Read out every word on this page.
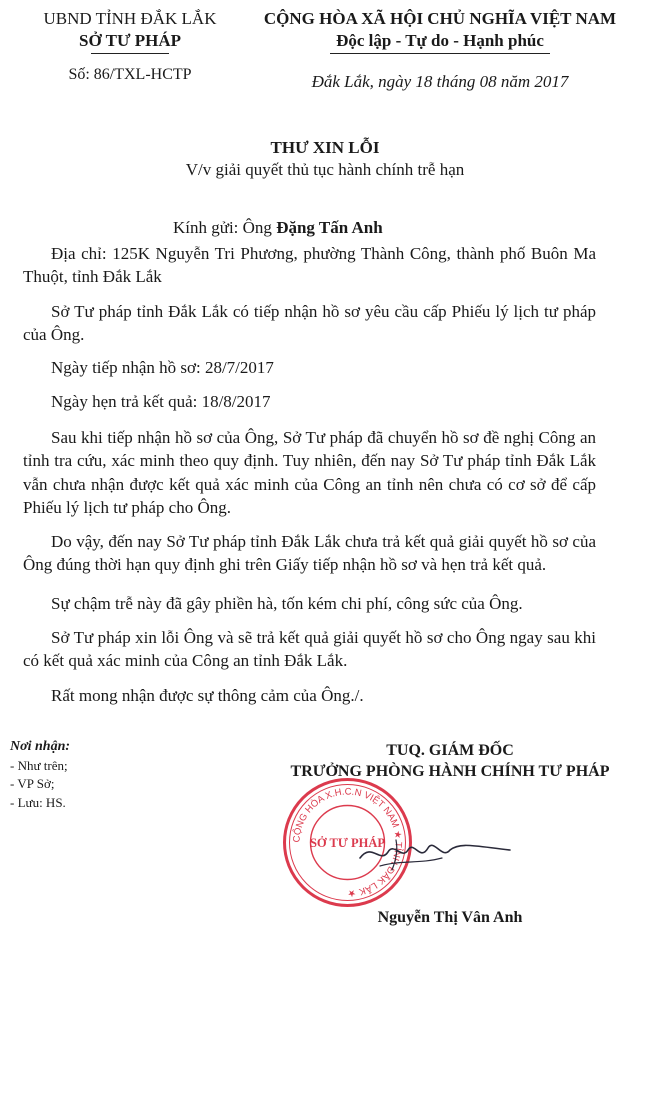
UBND TỈNH ĐẮK LẮK
SỞ TƯ PHÁP
Số: 86/TXL-HCTP
CỘNG HÒA XÃ HỘI CHỦ NGHĨA VIỆT NAM
Độc lập - Tự do - Hạnh phúc
Đắk Lắk, ngày 18 tháng 08 năm 2017
THƯ XIN LỖI
V/v giải quyết thủ tục hành chính trễ hạn
Kính gửi: Ông Đặng Tấn Anh
Địa chỉ: 125K Nguyễn Tri Phương, phường Thành Công, thành phố Buôn Ma Thuột, tỉnh Đắk Lắk
Sở Tư pháp tỉnh Đắk Lắk có tiếp nhận hồ sơ yêu cầu cấp Phiếu lý lịch tư pháp của Ông.
Ngày tiếp nhận hồ sơ: 28/7/2017
Ngày hẹn trả kết quả: 18/8/2017
Sau khi tiếp nhận hồ sơ của Ông, Sở Tư pháp đã chuyển hồ sơ đề nghị Công an tỉnh tra cứu, xác minh theo quy định. Tuy nhiên, đến nay Sở Tư pháp tỉnh Đắk Lắk vẫn chưa nhận được kết quả xác minh của Công an tỉnh nên chưa có cơ sở để cấp Phiếu lý lịch tư pháp cho Ông.
Do vậy, đến nay Sở Tư pháp tỉnh Đắk Lắk chưa trả kết quả giải quyết hồ sơ của Ông đúng thời hạn quy định ghi trên Giấy tiếp nhận hồ sơ và hẹn trả kết quả.
Sự chậm trễ này đã gây phiền hà, tốn kém chi phí, công sức của Ông.
Sở Tư pháp xin lỗi Ông và sẽ trả kết quả giải quyết hồ sơ cho Ông ngay sau khi có kết quả xác minh của Công an tỉnh Đắk Lắk.
Rất mong nhận được sự thông cảm của Ông./.
Nơi nhận:
- Như trên;
- VP Sở;
- Lưu: HS.
TUQ. GIÁM ĐỐC
TRƯỞNG PHÒNG HÀNH CHÍNH TƯ PHÁP
CỘNG HÒA X.H.C.N VIỆT NAM ★ TỈNH ĐẮK LẮK ★
SỞ TƯ PHÁP
Nguyễn Thị Vân Anh
